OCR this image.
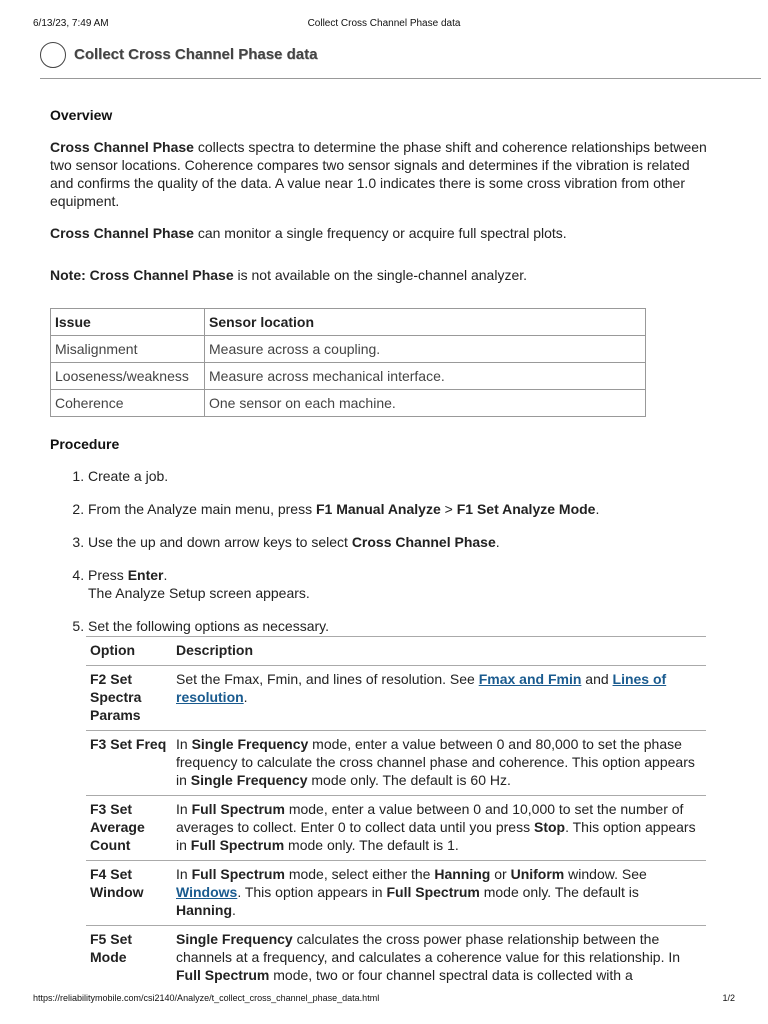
6/13/23, 7:49 AM	Collect Cross Channel Phase data
Collect Cross Channel Phase data
Overview

Cross Channel Phase collects spectra to determine the phase shift and coherence relationships between two sensor locations. Coherence compares two sensor signals and determines if the vibration is related and confirms the quality of the data. A value near 1.0 indicates there is some cross vibration from other equipment.

Cross Channel Phase can monitor a single frequency or acquire full spectral plots.

Note: Cross Channel Phase is not available on the single-channel analyzer.

Issue	Sensor location
Misalignment	Measure across a coupling.
Looseness/weakness	Measure across mechanical interface.
Coherence	One sensor on each machine.
Procedure
1. Create a job.
2. From the Analyze main menu, press F1 Manual Analyze > F1 Set Analyze Mode.
3. Use the up and down arrow keys to select Cross Channel Phase.
4. Press Enter.
The Analyze Setup screen appears.
5. Set the following options as necessary.
Option	Description
F2 Set Spectra Params	Set the Fmax, Fmin, and lines of resolution. See Fmax and Fmin and Lines of resolution.
F3 Set Freq	In Single Frequency mode, enter a value between 0 and 80,000 to set the phase frequency to calculate the cross channel phase and coherence. This option appears in Single Frequency mode only. The default is 60 Hz.
F3 Set Average Count	In Full Spectrum mode, enter a value between 0 and 10,000 to set the number of averages to collect. Enter 0 to collect data until you press Stop. This option appears in Full Spectrum mode only. The default is 1.
F4 Set Window	In Full Spectrum mode, select either the Hanning or Uniform window. See Windows. This option appears in Full Spectrum mode only. The default is Hanning.
F5 Set Mode	Single Frequency calculates the cross power phase relationship between the channels at a frequency, and calculates a coherence value for this relationship. In Full Spectrum mode, two or four channel spectral data is collected with a
https://reliabilitymobile.com/csi2140/Analyze/t_collect_cross_channel_phase_data.html	1/2
